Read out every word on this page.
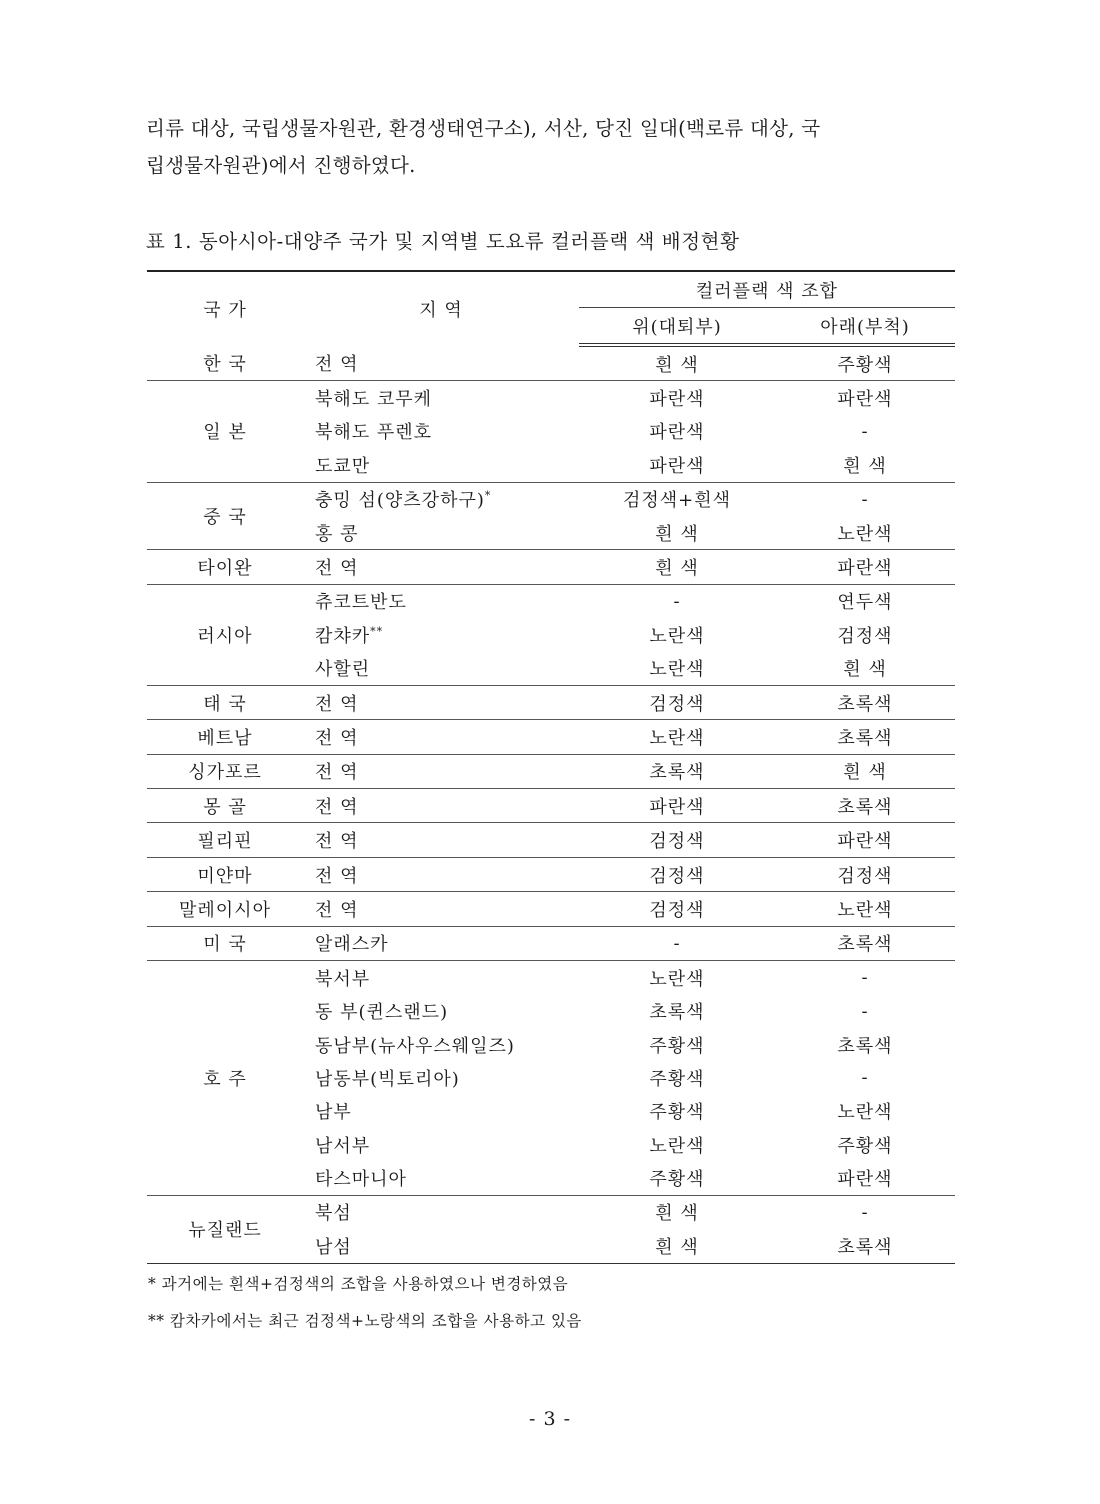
리류 대상, 국립생물자원관, 환경생태연구소), 서산, 당진 일대(백로류 대상, 국
립생물자원관)에서 진행하였다.
표 1. 동아시아-대양주 국가 및 지역별 도요류 컬러플랙 색 배정현황
국 가	지 역	컬러플랙 색 조합	
		위(대퇴부)	아래(부척)
한 국	전 역	흰 색	주황색
일 본	북해도 코무케	파란색	파란색
	북해도 푸렌호	파란색	-
	도쿄만	파란색	흰 색
중 국	충밍 섬(양츠강하구)*	검정색+흰색	-
	홍 콩	흰 색	노란색
타이완	전 역	흰 색	파란색
러시아	츄코트반도	-	연두색
	캄챠카**	노란색	검정색
	사할린	노란색	흰 색
태 국	전 역	검정색	초록색
베트남	전 역	노란색	초록색
싱가포르	전 역	초록색	흰 색
몽 골	전 역	파란색	초록색
필리핀	전 역	검정색	파란색
미얀마	전 역	검정색	검정색
말레이시아	전 역	검정색	노란색
미 국	알래스카	-	초록색
호 주	북서부	노란색	-
	동 부(퀸스랜드)	초록색	-
	동남부(뉴사우스웨일즈)	주황색	초록색
	남동부(빅토리아)	주황색	-
	남부	주황색	노란색
	남서부	노란색	주황색
	타스마니아	주황색	파란색
뉴질랜드	북섬	흰 색	-
	남섬	흰 색	초록색
* 과거에는 흰색+검정색의 조합을 사용하였으나 변경하였음
** 캄차카에서는 최근 검정색+노랑색의 조합을 사용하고 있음
- 3 -
